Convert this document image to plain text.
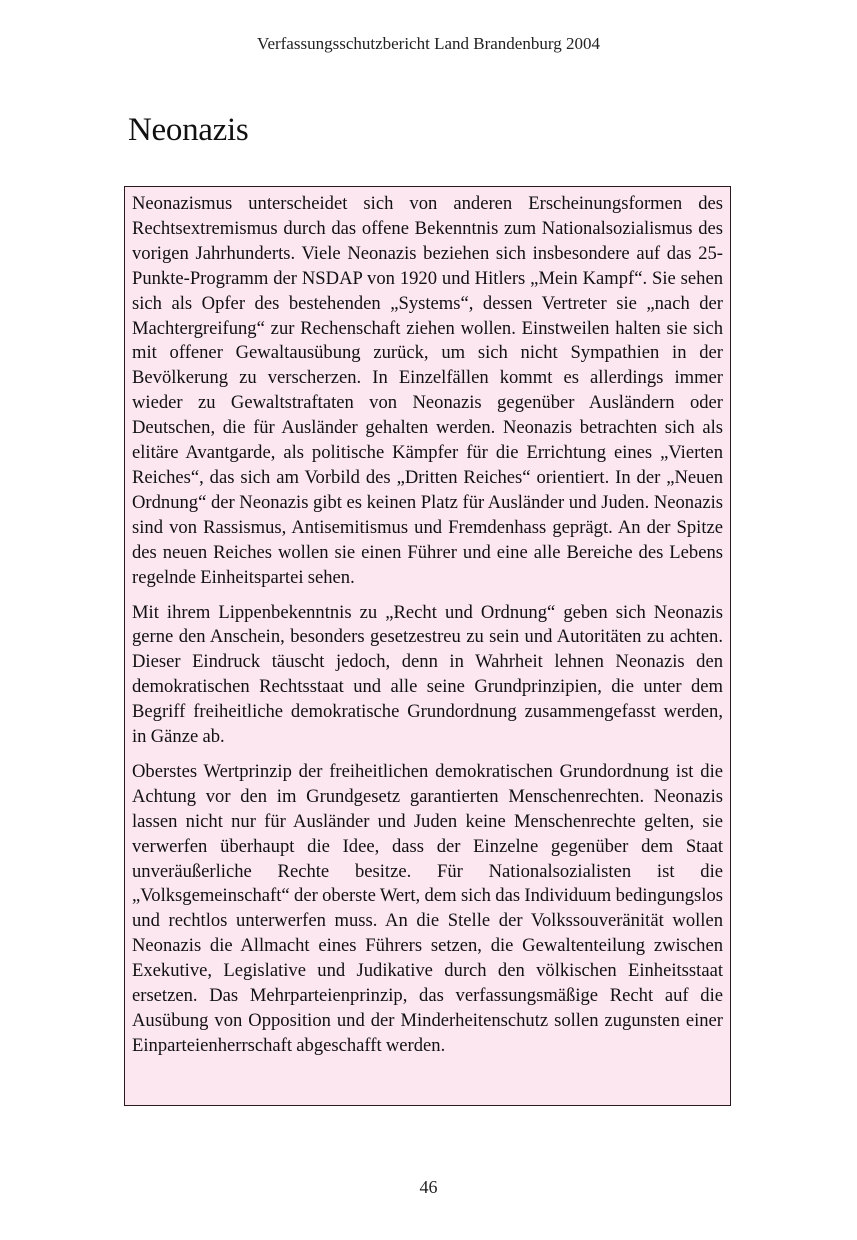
Verfassungsschutzbericht Land Brandenburg 2004
Neonazis

Neonazismus unterscheidet sich von anderen Erscheinungsformen des Rechtsextremismus durch das offene Bekenntnis zum Nationalsozialismus des vorigen Jahrhunderts. Viele Neonazis beziehen sich insbesondere auf das 25-Punkte-Programm der NSDAP von 1920 und Hitlers „Mein Kampf“. Sie sehen sich als Opfer des bestehenden „Systems“, dessen Vertreter sie „nach der Machtergreifung“ zur Rechenschaft ziehen wollen. Einstweilen halten sie sich mit offener Gewaltausübung zurück, um sich nicht Sympathien in der Bevölkerung zu verscherzen. In Einzelfällen kommt es allerdings immer wieder zu Gewaltstraftaten von Neonazis gegenüber Ausländern oder Deutschen, die für Ausländer gehalten werden. Neonazis betrachten sich als elitäre Avantgarde, als politische Kämpfer für die Errichtung eines „Vierten Reiches“, das sich am Vorbild des „Dritten Reiches“ orientiert. In der „Neuen Ordnung“ der Neonazis gibt es keinen Platz für Ausländer und Juden. Neonazis sind von Rassismus, Antisemitismus und Fremdenhass geprägt. An der Spitze des neuen Reiches wollen sie einen Führer und eine alle Bereiche des Lebens regelnde Einheitspartei sehen.

Mit ihrem Lippenbekenntnis zu „Recht und Ordnung“ geben sich Neonazis gerne den Anschein, besonders gesetzestreu zu sein und Autoritäten zu achten. Dieser Eindruck täuscht jedoch, denn in Wahrheit lehnen Neonazis den demokratischen Rechtsstaat und alle seine Grundprinzipien, die unter dem Begriff freiheitliche demokratische Grundordnung zusammengefasst werden, in Gänze ab.

Oberstes Wertprinzip der freiheitlichen demokratischen Grundordnung ist die Achtung vor den im Grundgesetz garantierten Menschenrechten. Neonazis lassen nicht nur für Ausländer und Juden keine Menschenrechte gelten, sie verwerfen überhaupt die Idee, dass der Einzelne gegenüber dem Staat unveräußerliche Rechte besitze. Für Nationalsozialisten ist die „Volksgemeinschaft“ der oberste Wert, dem sich das Individuum bedingungslos und rechtlos unterwerfen muss. An die Stelle der Volkssouveränität wollen Neonazis die Allmacht eines Führers setzen, die Gewaltenteilung zwischen Exekutive, Legislative und Judikative durch den völkischen Einheitsstaat ersetzen. Das Mehrparteienprinzip, das verfassungsmäßige Recht auf die Ausübung von Opposition und der Minderheitenschutz sollen zugunsten einer Einparteienherrschaft abgeschafft werden.

46
